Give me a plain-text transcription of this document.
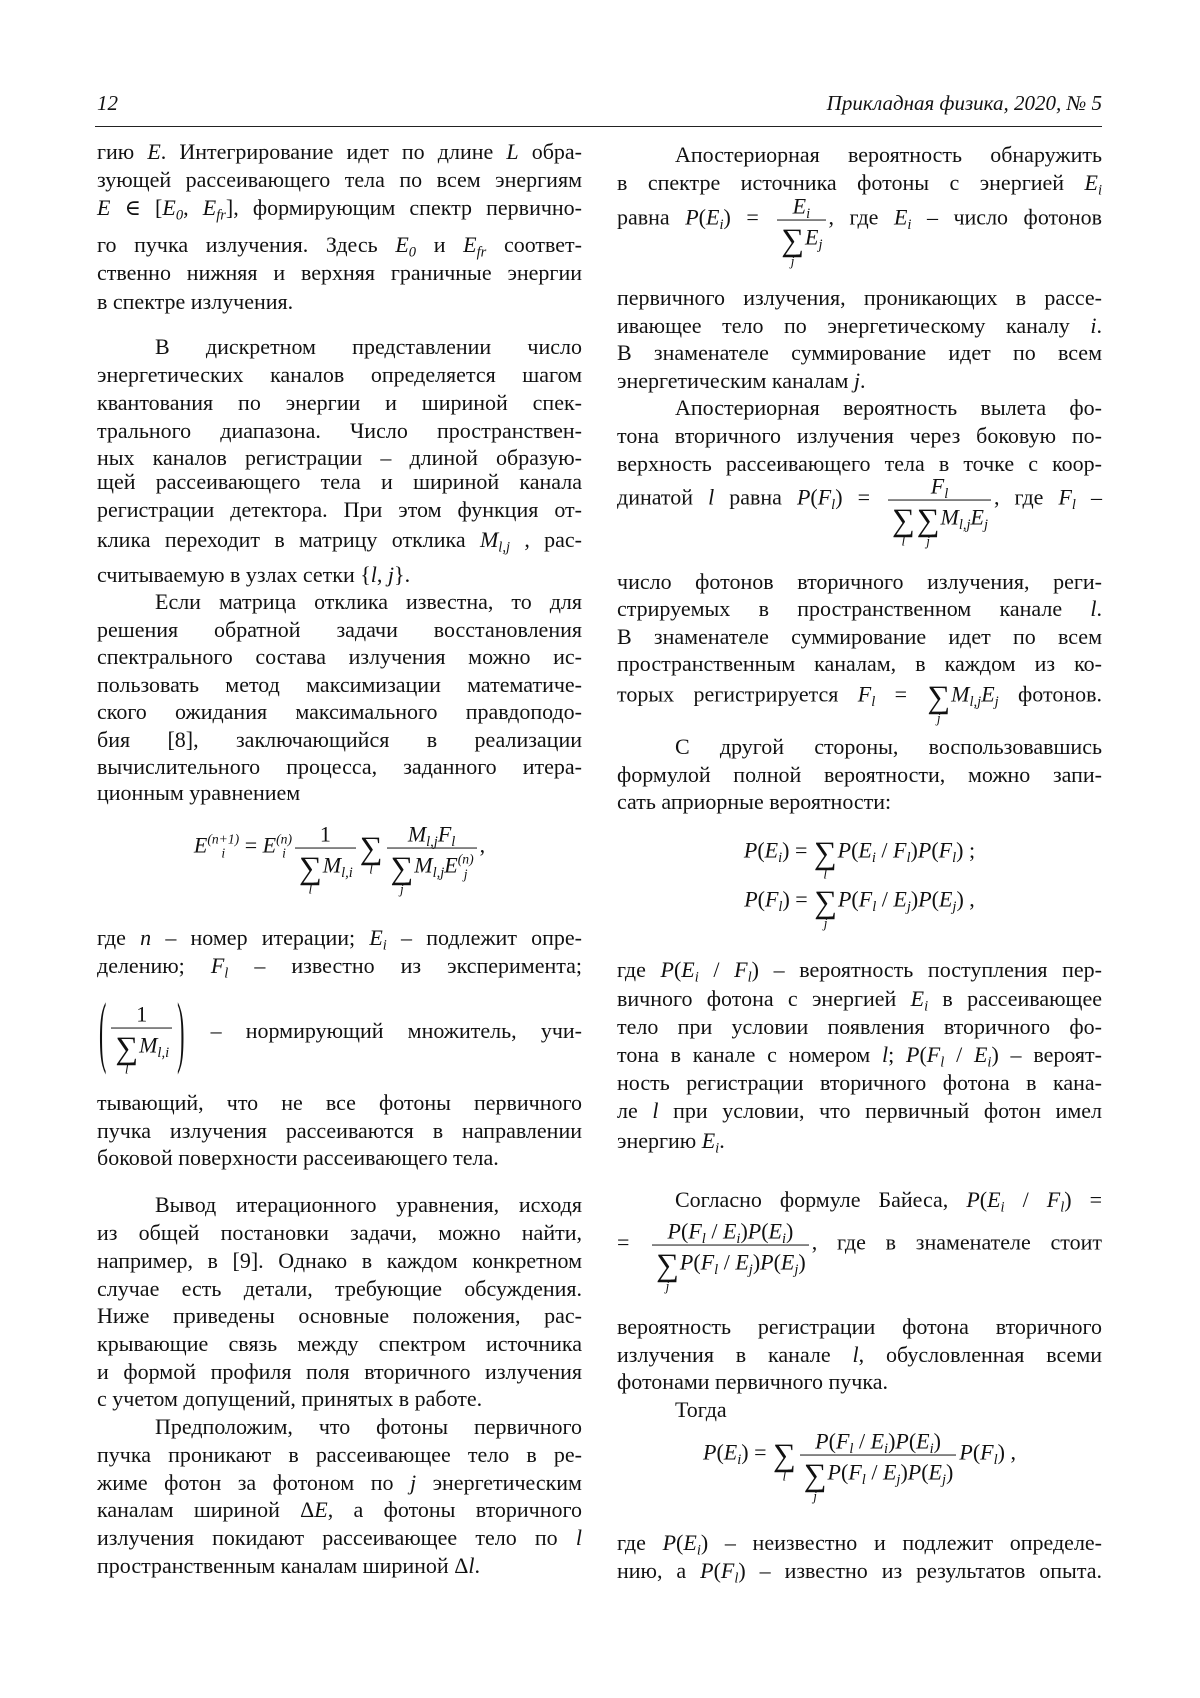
12	Прикладная физика, 2020, № 5
гию E. Интегрирование идет по длине L обра-
зующей рассеивающего тела по всем энергиям
E ∈ [E0, Efr], формирующим спектр первично-
го пучка излучения. Здесь E0 и Efr соответ-
ственно нижняя и верхняя граничные энергии
в спектре излучения.
В дискретном представлении число
энергетических каналов определяется шагом
квантования по энергии и шириной спек-
трального диапазона. Число пространствен-
ных каналов регистрации – длиной образую-
щей рассеивающего тела и шириной канала
регистрации детектора. При этом функция от-
клика переходит в матрицу отклика Ml,j , рас-
считываемую в узлах сетки {l, j}.
Если матрица отклика известна, то для
решения обратной задачи восстановления
спектрального состава излучения можно ис-
пользовать метод максимизации математиче-
ского ожидания максимального правдоподо-
бия [8], заключающийся в реализации
вычислительного процесса, заданного итера-
ционным уравнением
E (n+1)
i = E (n)
i
1
∑
l
Ml,i
∑
l
Ml,jFl
∑
j
Ml,jE (n)
j
,
где n – номер итерации; Ei – подлежит опре-
делению; Fl – известно из эксперимента;
( 1
∑
l
Ml,i ) – нормирующий множитель, учи-
тывающий, что не все фотоны первичного
пучка излучения рассеиваются в направлении
боковой поверхности рассеивающего тела.
Вывод итерационного уравнения, исходя
из общей постановки задачи, можно найти,
например, в [9]. Однако в каждом конкретном
случае есть детали, требующие обсуждения.
Ниже приведены основные положения, рас-
крывающие связь между спектром источника
и формой профиля поля вторичного излучения
с учетом допущений, принятых в работе.
Предположим, что фотоны первичного
пучка проникают в рассеивающее тело в ре-
жиме фотон за фотоном по j энергетическим
каналам шириной ΔE, а фотоны вторичного
излучения покидают рассеивающее тело по l
пространственным каналам шириной Δl.
Апостериорная вероятность обнаружить
в спектре источника фотоны с энергией Ei
равна P(Ei) = Ei
∑
j
Ej
, где Ei – число фотонов
первичного излучения, проникающих в рассе-
ивающее тело по энергетическому каналу i.
В знаменателе суммирование идет по всем
энергетическим каналам j.
Апостериорная вероятность вылета фо-
тона вторичного излучения через боковую по-
верхность рассеивающего тела в точке с коор-
динатой l равна P(Fl) = Fl
∑
l
∑
j
Ml,jEj
, где Fl –
число фотонов вторичного излучения, реги-
стрируемых в пространственном канале l.
В знаменателе суммирование идет по всем
пространственным каналам, в каждом из ко-
торых регистрируется Fl = ∑
j
Ml,jEj фотонов.
С другой стороны, воспользовавшись
формулой полной вероятности, можно запи-
сать априорные вероятности:
P(Ei) = ∑
l
P(Ei / Fl)P(Fl) ;
P(Fl) = ∑
j
P(Fl / Ej)P(Ej) ,
где P(Ei / Fl) – вероятность поступления пер-
вичного фотона с энергией Ei в рассеивающее
тело при условии появления вторичного фо-
тона в канале с номером l; P(Fl / Ei) – вероят-
ность регистрации вторичного фотона в кана-
ле l при условии, что первичный фотон имел
энергию Ei.
Согласно формуле Байеса, P(Ei / Fl) =
= P(Fl / Ei)P(Ei)
∑
j
P(Fl / Ej)P(Ej)
, где в знаменателе стоит
вероятность регистрации фотона вторичного
излучения в канале l, обусловленная всеми
фотонами первичного пучка.
Тогда
P(Ei) = ∑
l
P(Fl / Ei)P(Ei)
∑
j
P(Fl / Ej)P(Ej)
P(Fl) ,
где P(Ei) – неизвестно и подлежит определе-
нию, а P(Fl) – известно из результатов опыта.
